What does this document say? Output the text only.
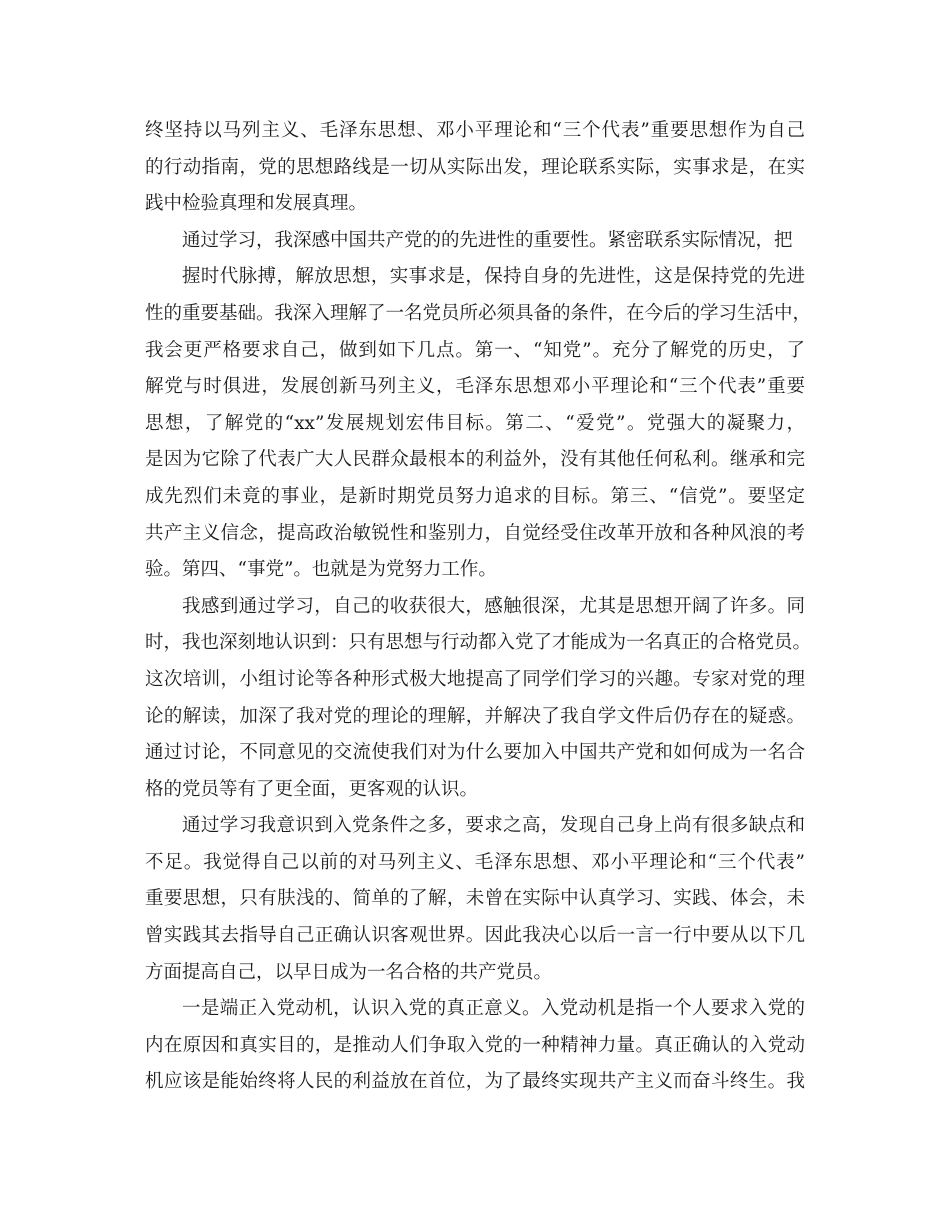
终坚持以马列主义、毛泽东思想、邓小平理论和“三个代表”重要思想作为自己
的行动指南，党的思想路线是一切从实际出发，理论联系实际，实事求是，在实
践中检验真理和发展真理。

通过学习，我深感中国共产党的的先进性的重要性。紧密联系实际情况，把

握时代脉搏，解放思想，实事求是，保持自身的先进性，这是保持党的先进
性的重要基础。我深入理解了一名党员所必须具备的条件，在今后的学习生活中，
我会更严格要求自己，做到如下几点。第一、“知党”。充分了解党的历史，了
解党与时俱进，发展创新马列主义，毛泽东思想邓小平理论和“三个代表”重要
思想，了解党的“xx”发展规划宏伟目标。第二、“爱党”。党强大的凝聚力，
是因为它除了代表广大人民群众最根本的利益外，没有其他任何私利。继承和完
成先烈们未竟的事业，是新时期党员努力追求的目标。第三、“信党”。要坚定
共产主义信念，提高政治敏锐性和鉴别力，自觉经受住改革开放和各种风浪的考
验。第四、“事党”。也就是为党努力工作。

我感到通过学习，自己的收获很大，感触很深，尤其是思想开阔了许多。同
时，我也深刻地认识到：只有思想与行动都入党了才能成为一名真正的合格党员。
这次培训，小组讨论等各种形式极大地提高了同学们学习的兴趣。专家对党的理
论的解读，加深了我对党的理论的理解，并解决了我自学文件后仍存在的疑惑。
通过讨论，不同意见的交流使我们对为什么要加入中国共产党和如何成为一名合
格的党员等有了更全面，更客观的认识。

通过学习我意识到入党条件之多，要求之高，发现自己身上尚有很多缺点和
不足。我觉得自己以前的对马列主义、毛泽东思想、邓小平理论和“三个代表”
重要思想，只有肤浅的、简单的了解，未曾在实际中认真学习、实践、体会，未
曾实践其去指导自己正确认识客观世界。因此我决心以后一言一行中要从以下几
方面提高自己，以早日成为一名合格的共产党员。

一是端正入党动机，认识入党的真正意义。入党动机是指一个人要求入党的
内在原因和真实目的，是推动人们争取入党的一种精神力量。真正确认的入党动
机应该是能始终将人民的利益放在首位，为了最终实现共产主义而奋斗终生。我
